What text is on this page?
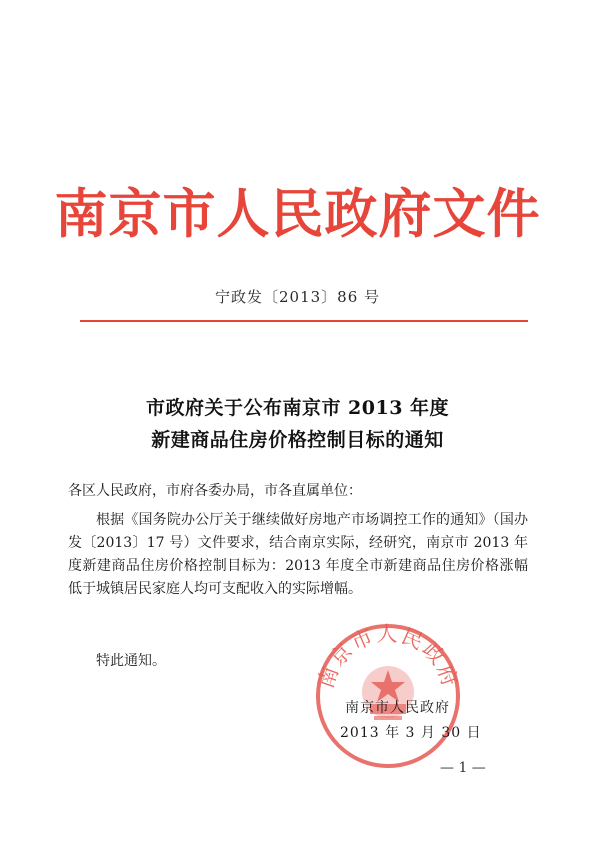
南京市人民政府文件
宁政发〔2013〕86 号
市政府关于公布南京市 2013 年度
新建商品住房价格控制目标的通知
各区人民政府，市府各委办局，市各直属单位：
根据《国务院办公厅关于继续做好房地产市场调控工作的通知》（国办发〔2013〕17 号）文件要求，结合南京实际，经研究，南京市 2013 年度新建商品住房价格控制目标为：2013 年度全市新建商品住房价格涨幅低于城镇居民家庭人均可支配收入的实际增幅。
特此通知。
南京市人民政府
南京市人民政府
2013 年 3 月 30 日
— 1 —
